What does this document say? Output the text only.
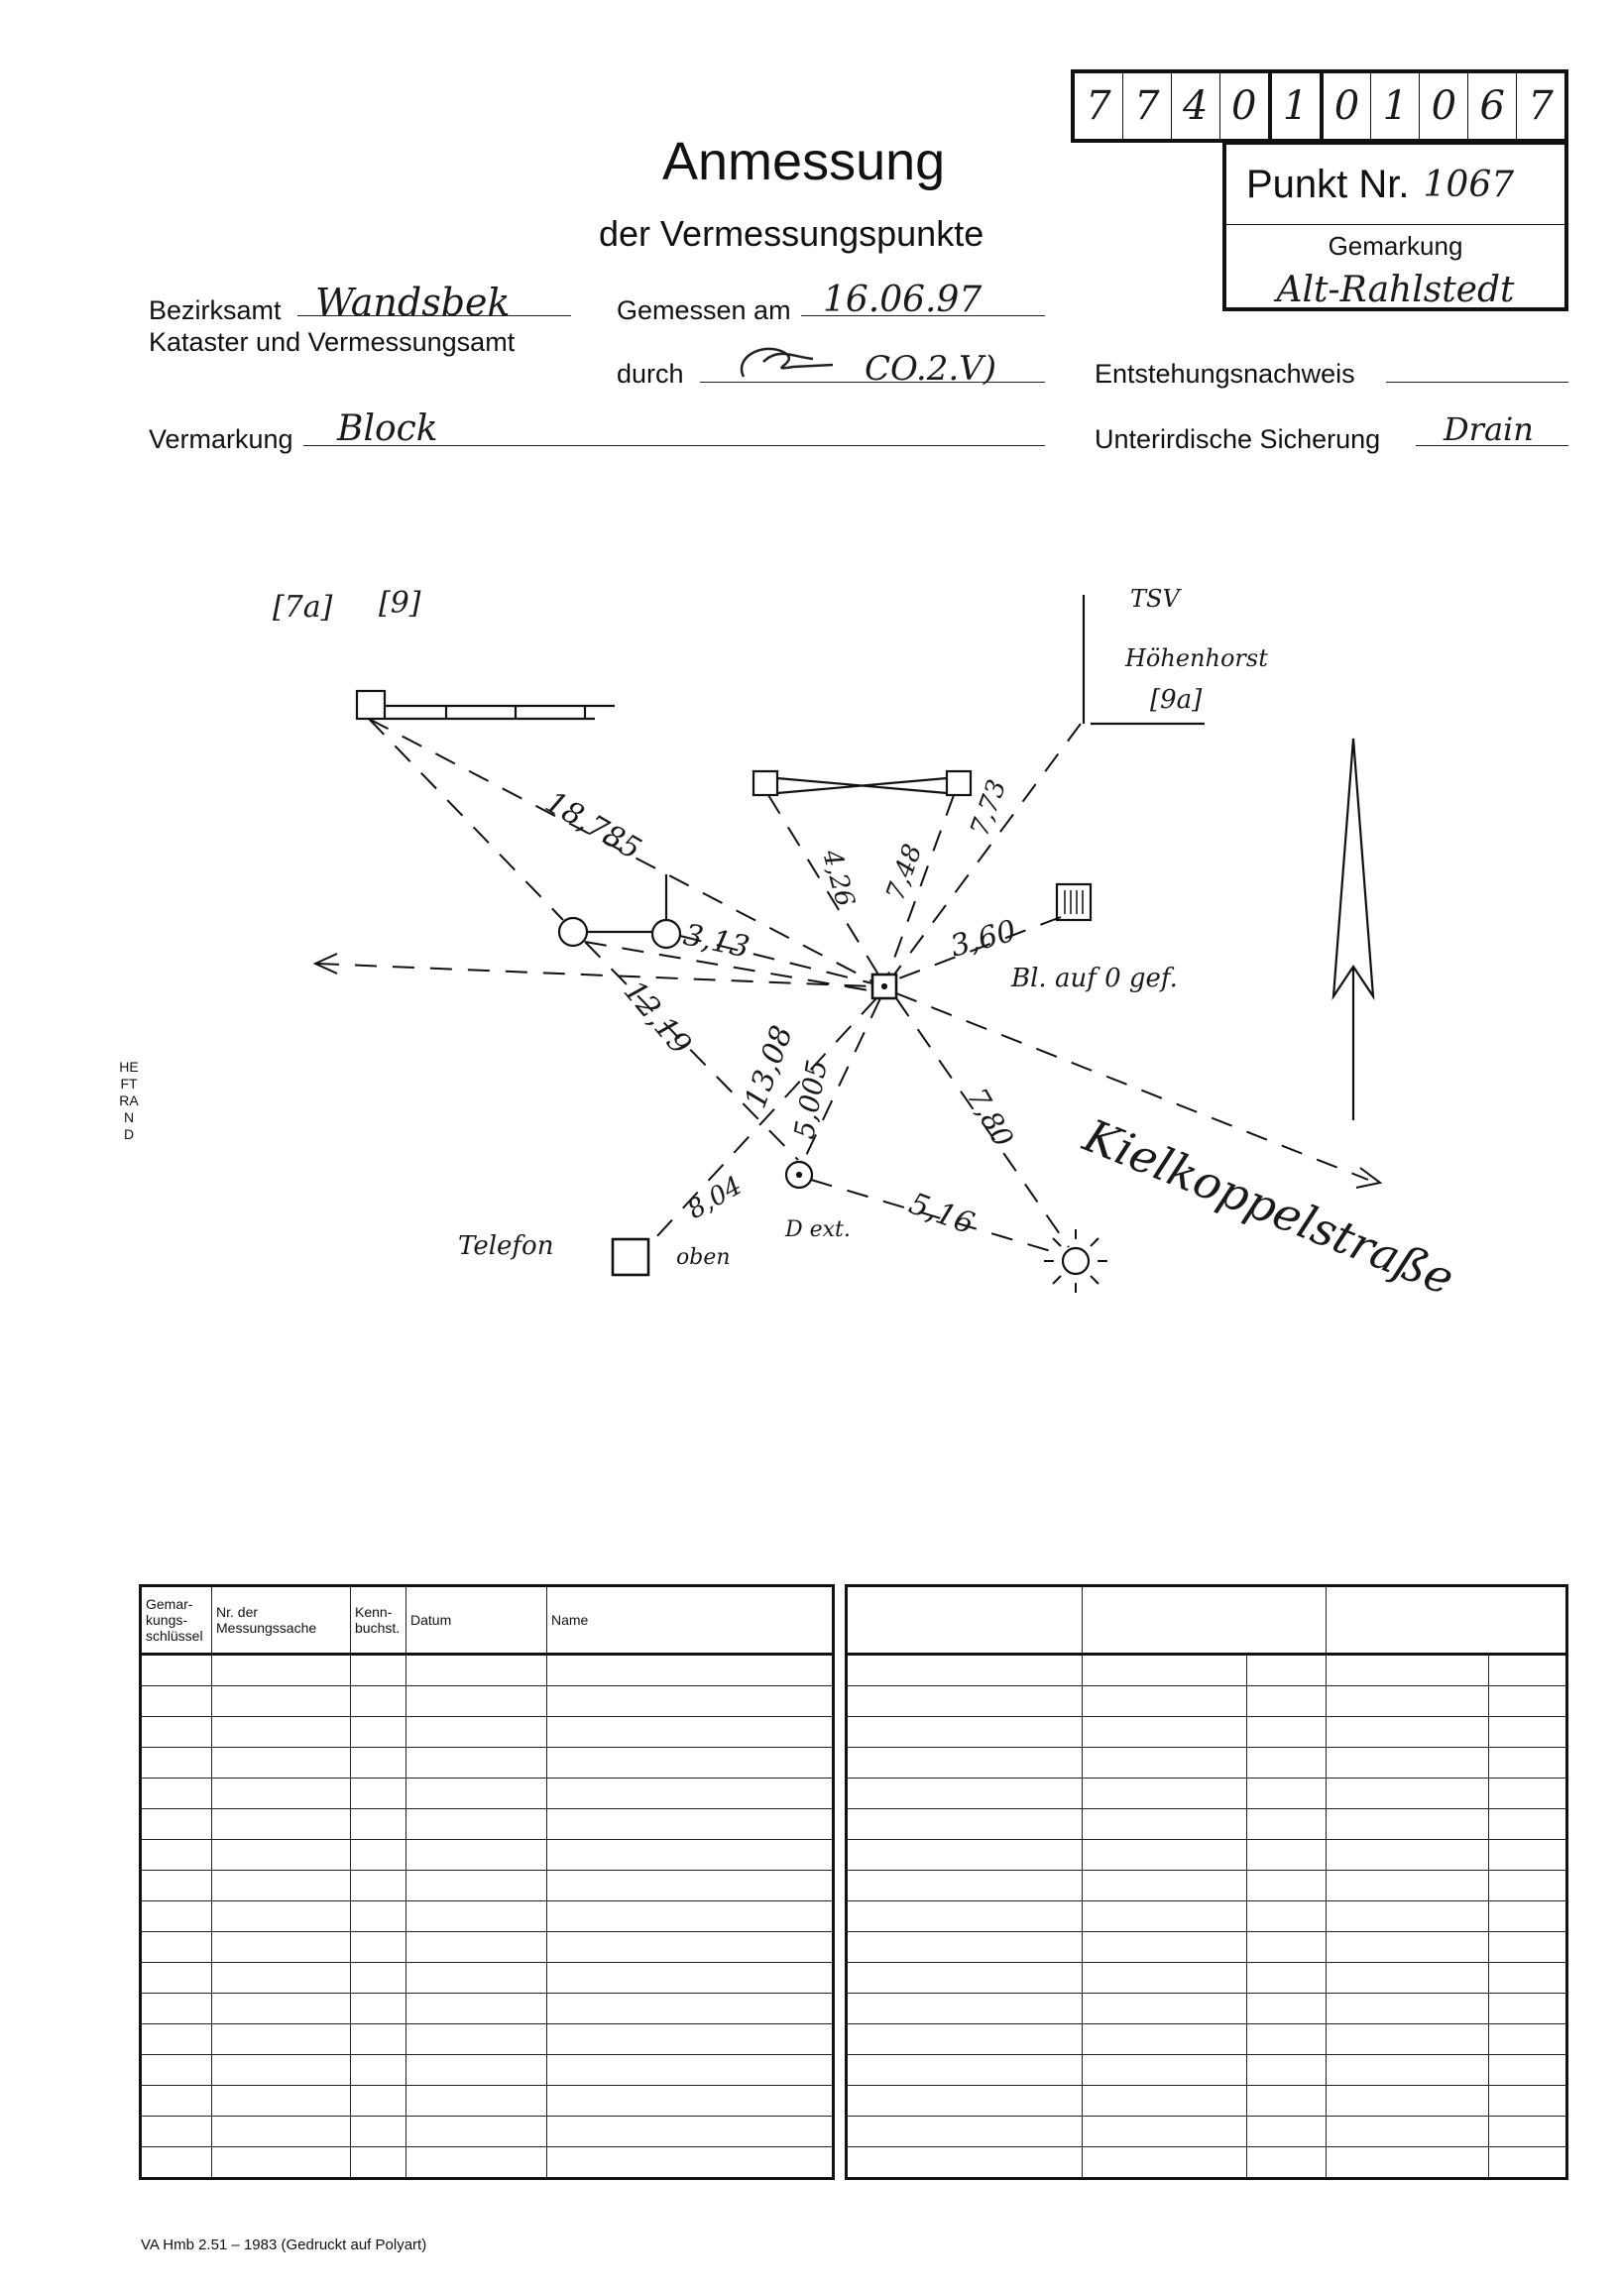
7 7 4 0 1 0 1 0 6 7
Punkt Nr. 1067
Gemarkung
Alt-Rahlstedt
Anmessung
der Vermessungspunkte
Bezirksamt Wandsbek
Kataster und Vermessungsamt
Gemessen am 16.06.97
durch	CO.2.V)	Entstehungsnachweis
Vermarkung Block	Unterirdische Sicherung Drain
HEFTRAND
[7a] [9]	TSV
Höhenhorst
[9a]
18,785
3,13
12,19
13,08
5,005
8,04	5,16
7,80
4,26 7,48
7,73
3,60
Bl. auf 0 gef.
Telefon	oben
D ext.	Kielkoppelstraße
Gemar-kungs-schlüssel	Nr. der Messungssache	Kenn-buchst.	Datum	Name

VA Hmb 2.51 – 1983 (Gedruckt auf Polyart)
